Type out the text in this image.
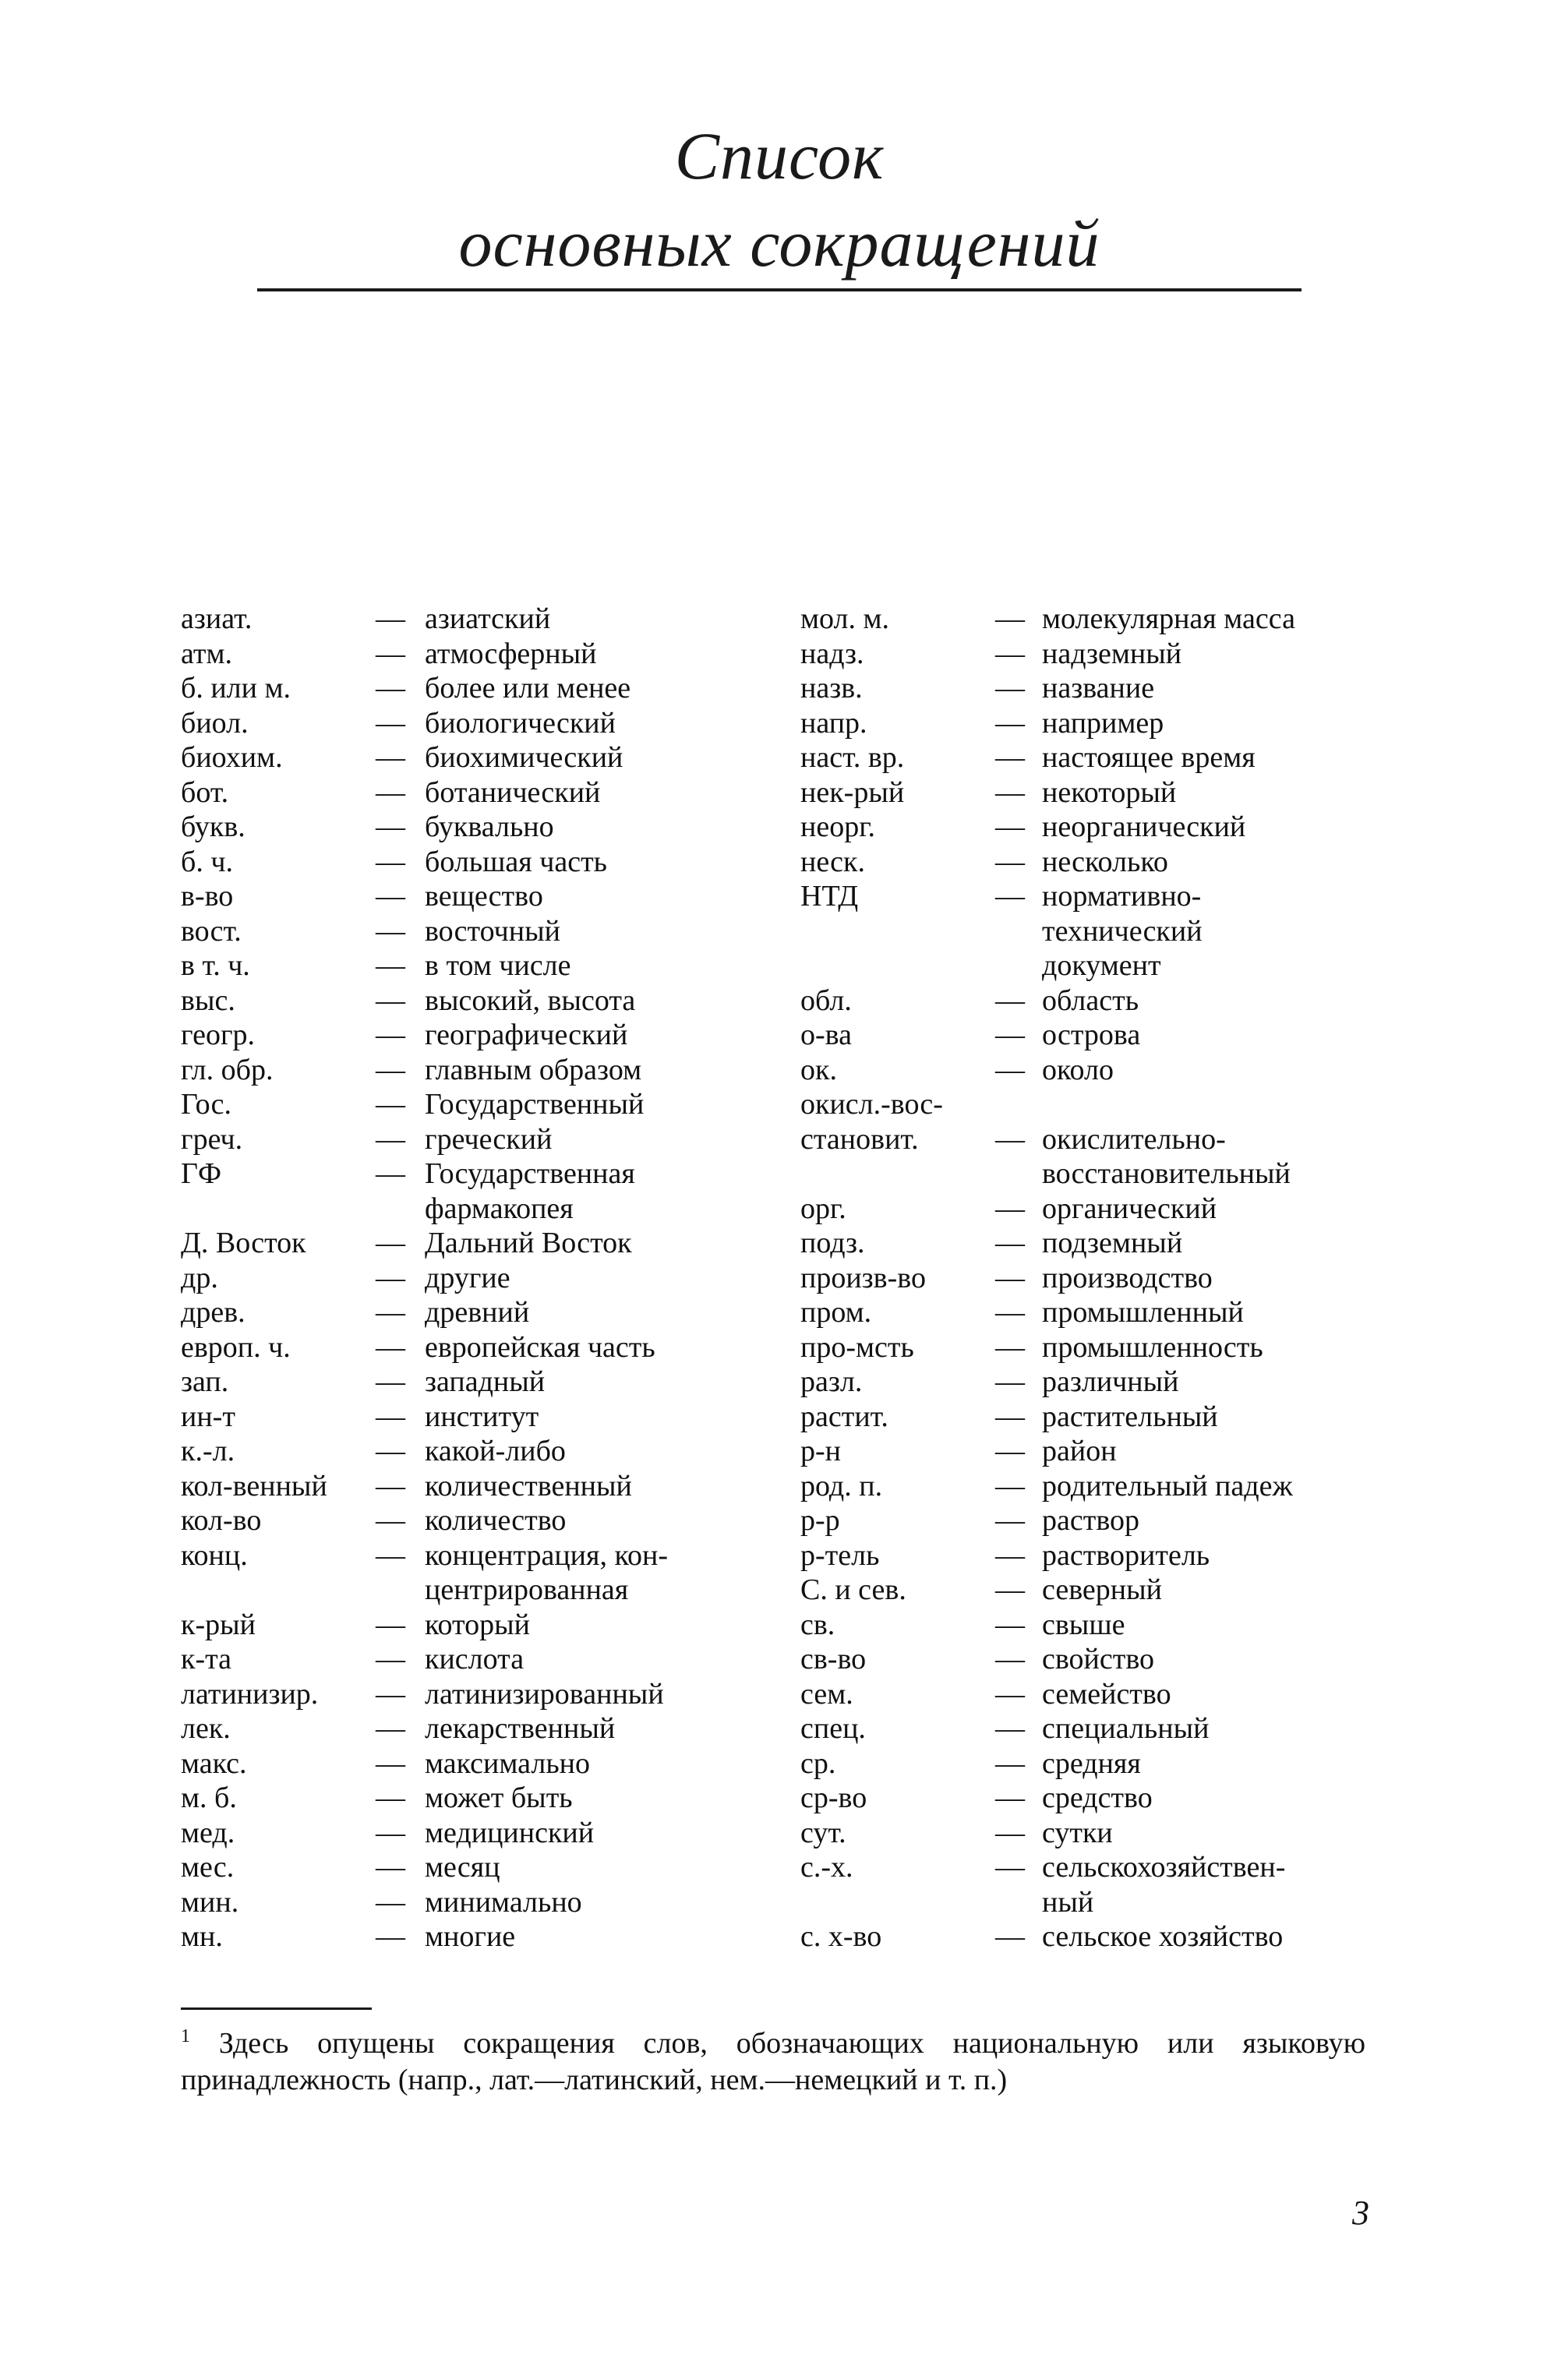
Список
основных сокращений
азиат.	— азиатский
атм.	— атмосферный
б. или м.	— более или менее
биол.	— биологический
биохим.	— биохимический
бот.	— ботанический
букв.	— буквально
б. ч.	— большая часть
в-во	— вещество
вост.	— восточный
в т. ч.	— в том числе
выс.	— высокий, высота
геогр.	— географический
гл. обр.	— главным образом
Гос.	— Государственный
греч.	— греческий
ГФ	— Государственная
фармакопея
Д. Восток — Дальний Восток
др.	— другие
древ.	— древний
европ. ч.	— европейская часть
зап.	— западный
ин-т	— институт
к.-л.	— какой-либо
кол-венный — количественный
кол-во	— количество
конц.	— концентрация, кон-
центрированная
к-рый	— который
к-та	— кислота
латинизир. — латинизированный
лек.	— лекарственный
макс.	— максимально
м. б.	— может быть
мед.	— медицинский
мес.	— месяц
мин.	— минимально
мн.	— многие
мол. м.	— молекулярная масса
надз.	— надземный
назв.	— название
напр.	— например
наст. вр.	— настоящее время
нек-рый	— некоторый
неорг.	— неорганический
неск.	— несколько
НТД	— нормативно-
технический
документ
обл.	— область
о-ва	— острова
ок.	— около
окисл.-вос-
становит.	— окислительно-
восстановительный
орг.	— органический
подз.	— подземный
произв-во — производство
пром.	— промышленный
про-мсть	— промышленность
разл.	— различный
растит.	— растительный
р-н	— район
род. п.	— родительный падеж
р-р	— раствор
р-тель	— растворитель
С. и сев.	— северный
св.	— свыше
св-во	— свойство
сем.	— семейство
спец.	— специальный
ср.	— средняя
ср-во	— средство
сут.	— сутки
с.-х.	— сельскохозяйствен-
ный
с. х-во	— сельское хозяйство
$^1$ Здесь опущены сокращения слов, обозначающих национальную или языковую принадлежность (напр., лат.—латинский, нем.—немецкий и т. п.)
3
